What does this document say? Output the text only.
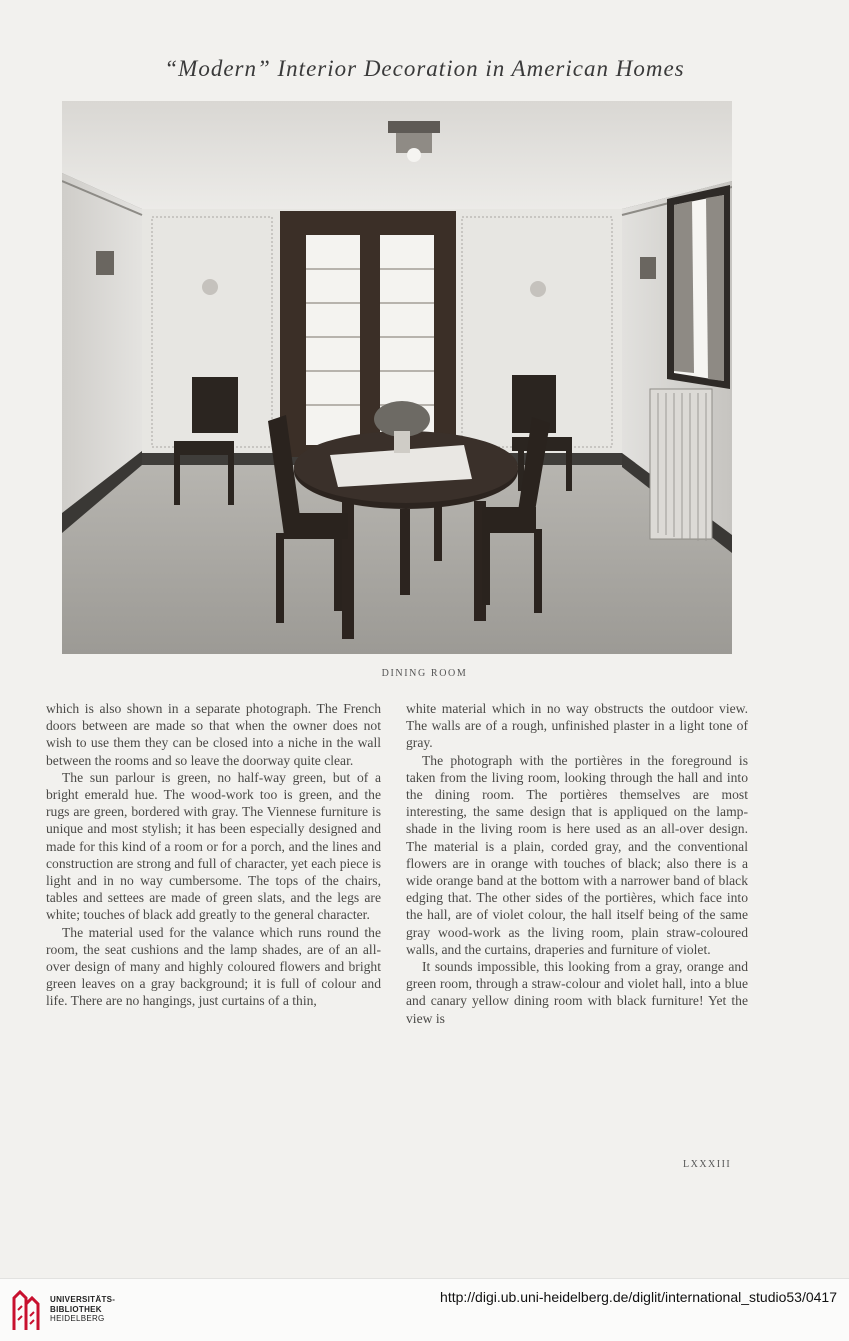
“Modern” Interior Decoration in American Homes
DINING ROOM

which is also shown in a separate photograph. The French doors between are made so that when the owner does not wish to use them they can be closed into a niche in the wall between the rooms and so leave the doorway quite clear.

The sun parlour is green, no half-way green, but of a bright emerald hue. The wood-work too is green, and the rugs are green, bordered with gray. The Viennese furniture is unique and most stylish; it has been especially designed and made for this kind of a room or for a porch, and the lines and construction are strong and full of character, yet each piece is light and in no way cumbersome. The tops of the chairs, tables and settees are made of green slats, and the legs are white; touches of black add greatly to the general character.

The material used for the valance which runs round the room, the seat cushions and the lamp shades, are of an all-over design of many and highly coloured flowers and bright green leaves on a gray background; it is full of colour and life. There are no hangings, just curtains of a thin,

white material which in no way obstructs the outdoor view. The walls are of a rough, unfinished plaster in a light tone of gray.

The photograph with the portières in the foreground is taken from the living room, looking through the hall and into the dining room. The portières themselves are most interesting, the same design that is appliqued on the lamp-shade in the living room is here used as an all-over design. The material is a plain, corded gray, and the conventional flowers are in orange with touches of black; also there is a wide orange band at the bottom with a narrower band of black edging that. The other sides of the portières, which face into the hall, are of violet colour, the hall itself being of the same gray wood-work as the living room, plain straw-coloured walls, and the curtains, draperies and furniture of violet.

It sounds impossible, this looking from a gray, orange and green room, through a straw-colour and violet hall, into a blue and canary yellow dining room with black furniture! Yet the view is

LXXXIII
UNIVERSITÄTS-
BIBLIOTHEK
HEIDELBERG
http://digi.ub.uni-heidelberg.de/diglit/international_studio53/0417
